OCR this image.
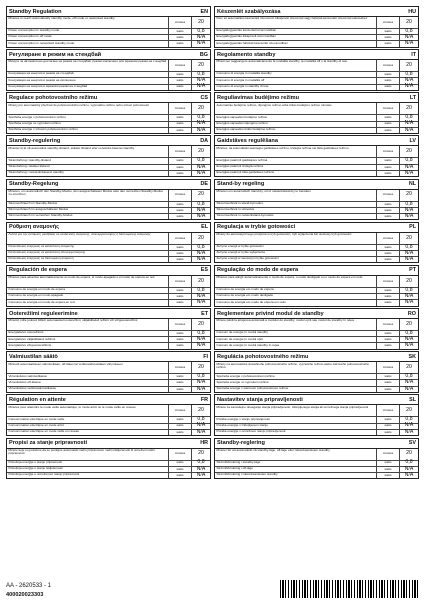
Standby Regulation	EN
Minutes to reach automatically standby mode, off mode or networked standby
minutes	20
Power consumption in standby mode	watts	0,8
Power consumption in off mode	watts	N/A
Power consumption in networked standby mode	watts	N/A
Регулиране в режим на стендбай	BG
Минути за автоматично достигане на режим на стендбай, режим изключено или мрежови режим на стендбай
minutes	20
Консумация на енергия в режим на стендбай	watts	0,8
Консумация на енергия в режим на изключено	watts	N/A
Консумация на енергия в мрежови режим на стендбай	watts	N/A
Regulace pohotovostního režimu	CS
Minuty pro automatický přechod do pohotovostního režimu, vypnutého režimu nebo síťové pohotovosti
minutes	20
Spotřeba energie v pohotovostním režimu	watts	0,8
Spotřeba energie ve vypnutém režimu	watts	N/A
Spotřeba energie v síťovém pohotovostním režimu	watts	N/A
Standby-regulering	DA
Minutter til at nå automatisk standby-tilstand, slukket tilstand eller netværks-baseret standby
minutes	20
Strømforbrug i standby-tilstand	watts	0,8
Strømforbrug i slukket tilstand	watts	N/A
Strømforbrug i netværksbaseret standby	watts	N/A
Standby-Regelung	DE
Minuten, um automatisch den Standby-Modus, den ausgeschalteten Modus oder den vernetzten Standby-Modus zu erreichen	minutes	20
Stromverbrauch im Standby-Modus	watts	0,8
Stromverbrauch im ausgeschalteten Modus	watts	N/A
Stromverbrauch im vernetzten Standby-Modus	watts	N/A
Ρύθμιση αναμονής	EL
Λεπτά για την αυτόματη μετάβαση σε κατάσταση αναμονής, απενεργοποίησης ή δικτυωμένης αναμονής
minutes	20
Κατανάλωση ενέργειας σε κατάσταση αναμονής	watts	0,8
Κατανάλωση ενέργειας σε κατάσταση απενεργοποίησης	watts	N/A
Κατανάλωση ενέργειας σε δικτυωμένη αναμονή	watts	N/A
Regulación de espera	ES
Minutos para alcanzar automáticamente el modo de espera, el modo apagado o el modo de espera en red
minutes	20
Consumo de energía en modo de espera	watts	0,8
Consumo de energía en modo apagado	watts	N/A
Consumo de energía en modo de espera en red	watts	N/A
Ooterežiimi reguleerimine	ET
Minutid, mille jooksul lülitub automaatselt ooterežiimi, väljalülitatud režiimi või võrguooterežiimi
minutes	20
Energiatarve ooterežiimis	watts	0,8
Energiatarve väljalülitatud režiimis	watts	N/A
Energiatarve võrguooterežiimis	watts	N/A
Valmiustilan säätö	FI
Minuutit automaattiseen valmiustilaan, off-tilaan tai verkkovalmiustilaan siirtymiseen
minutes	20
Virrankulutus valmiustilassa	watts	0,8
Virrankulutus off-tilassa	watts	N/A
Virrankulutus verkkovalmiustilassa	watts	N/A
Régulation en attente	FR
Minutes pour atteindre le mode veille automatique, le mode arrêt ou le mode veille en réseau
minutes	20
Consommation électrique en mode veille	watts	0,8
Consommation électrique en mode arrêt	watts	N/A
Consommation électrique en mode veille en réseau	watts	N/A
Propisi za stanje pripravnosti	HR
Minute koje su potrebne da se postigne automatski način pripravnosti, način isključenosti ili umreženi način pripravnosti	minutes	20
Potrošnja energije u stanju pripravnosti	watts	0,8
Potrošnja energije u stanju isključenosti	watts	N/A
Potrošnja energije u umreženom stanju pripravnosti	watts	N/A
Készenlét szabályozása	HU
Perc az automatikus készenléti üzemmód, kikapcsolt üzemmód vagy hálózati készenléti üzemmód eléréséhez
minutes	20
Energiafogyasztás készenléti üzemmódban	watts	0,8
Energiafogyasztás kikapcsolt üzemmódban	watts	N/A
Energiafogyasztás hálózati készenléti üzemmódban	watts	N/A
Regolamento standby	IT
Minuti per raggiungere automaticamente la modalità standby, la modalità off o la standby di rete
minutes	20
Consumo di energia in modalità standby	watts	0,8
Consumo di energia in modalità off	watts	N/A
Consumo di energia in standby di rete	watts	N/A
Reguliavimas budėjimo režimu	LT
Automatinio budėjimo režimo, išjungimo režimo arba tinklo budėjimo režimo minutės
minutes	20
Energijos sąnaudos budėjimo režimu	watts	0,8
Energijos sąnaudos išjungimo režimu	watts	N/A
Energijos sąnaudos tinklo budėjimo režimu	watts	N/A
Gaidstāves regulēšana	LV
Minūtes, lai automātiski sasniegtu gaidstāves režīmu, izslēgta režīma vai tīkla gaidstāves režīmu
minutes	20
Enerģijas patēriņš gaidstāves režīmā	watts	0,8
Enerģijas patēriņš izslēgtā režīmā	watts	N/A
Enerģijas patēriņš tīkla gaidstāves režīmā	watts	N/A
Stand-by regeling	NL
Minuten om automatisch stand-by, uit of netwerkstand-by te bereiken
minutes	20
Stroomverbruik in stand-bymodus	watts	0,8
Stroomverbruik in uitmodus	watts	N/A
Stroomverbruik in netwerkstand-bymodus	watts	N/A
Regulacja w trybie gotowości	PL
Minuty do automatycznego przejścia w tryb gotowości, tryb wyłączenia lub sieciowy tryb gotowości
minutes	20
Zużycie energii w trybie gotowości	watts	0,8
Zużycie energii w trybie wyłączenia	watts	N/A
Zużycie energii w sieciowym trybie gotowości	watts	N/A
Regulação do modo de espera	PT
Minutos para atingir automaticamente o modo de espera, o modo desligado ou o modo de espera em rede
minutes	20
Consumo de energia em modo de espera	watts	0,8
Consumo de energia em modo desligado	watts	N/A
Consumo de energia em modo de espera em rede	watts	N/A
Reglementare privind modul de standby	RO
Minute până la atingerea automată a modului de standby, modul oprit sau modul de standby în rețea
minutes	20
Consum de energie în modul standby	watts	0,8
Consum de energie în modul oprit	watts	N/A
Consum de energie în modul standby în rețea	watts	N/A
Regulácia pohotovostného režimu	SK
Minúty na automatické dosiahnutie pohotovostného režimu, vypnutého režimu alebo sieťového pohotovostného režimu	minutes	20
Spotreba energie v pohotovostnom režime	watts	0,8
Spotreba energie vo vypnutom režime	watts	N/A
Spotreba energie v sieťovom pohotovostnom režime	watts	N/A
Nastavitev stanja pripravljenosti	SL
Minute za samodejno doseganje stanja pripravljenosti, izklopljenega stanja ali omrežnega stanja pripravljenosti
minutes	20
Poraba energije v stanju pripravljenosti	watts	0,8
Poraba energije v izklopljenem stanju	watts	N/A
Poraba energije v omrežnem stanju pripravljenosti	watts	N/A
Standby-reglering	SV
Minuter för att automatiskt nå standby-läge, off-läge eller nätverksansluten standby
minutes	20
Strömförbrukning i standby-läge	watts	0,8
Strömförbrukning i off-läge	watts	N/A
Strömförbrukning i nätverksansluten standby	watts	N/A
AA - 2620533 - 1
400020023303
